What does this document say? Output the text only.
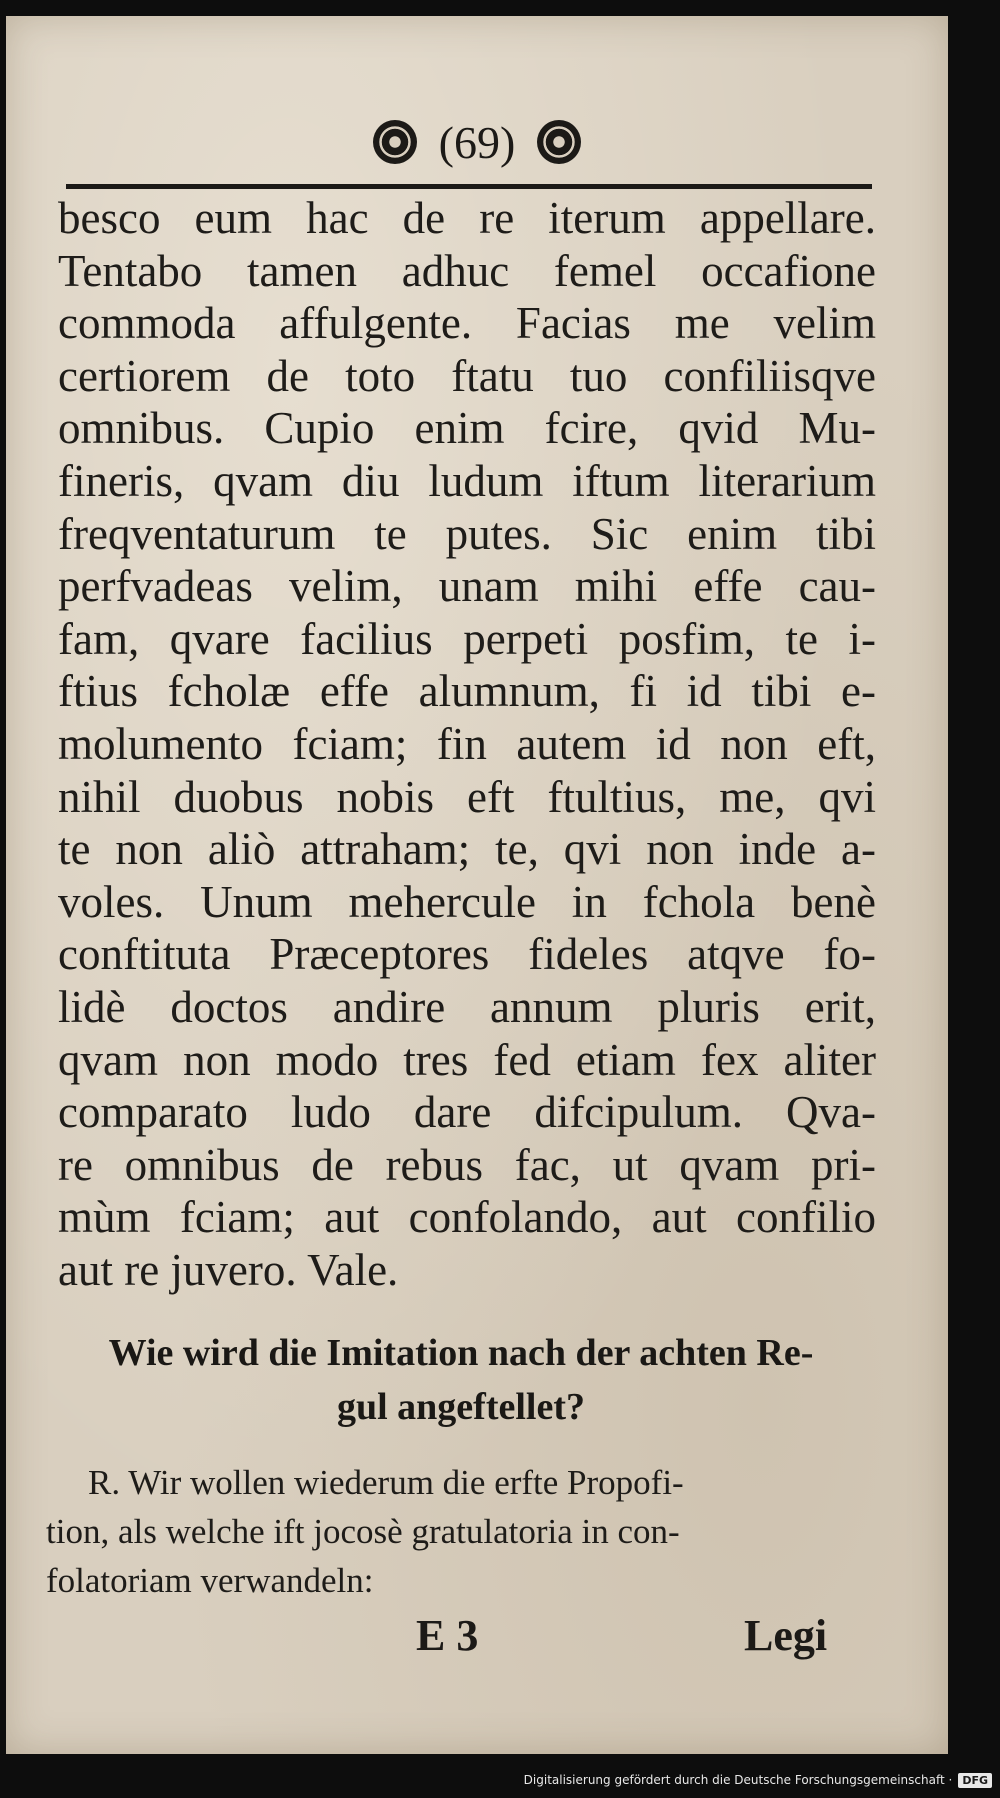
(69)
besco eum hac de re iterum appellare.
Tentabo tamen adhuc femel occafione
commoda affulgente. Facias me velim
certiorem de toto ftatu tuo confiliisqve
omnibus. Cupio enim fcire, qvid Mu-
fineris, qvam diu ludum iftum literarium
freqventaturum te putes. Sic enim tibi
perfvadeas velim, unam mihi effe cau-
fam, qvare facilius perpeti posfim, te i-
ftius fcholæ effe alumnum, fi id tibi e-
molumento fciam; fin autem id non eft,
nihil duobus nobis eft ftultius, me, qvi
te non aliò attraham; te, qvi non inde a-
voles. Unum mehercule in fchola benè
conftituta Præceptores fideles atqve fo-
lidè doctos andire annum pluris erit,
qvam non modo tres fed etiam fex aliter
comparato ludo dare difcipulum. Qva-
re omnibus de rebus fac, ut qvam pri-
mùm fciam; aut confolando, aut confilio
aut re juvero. Vale.
Wie wird die Imitation nach der achten Re-
gul angeftellet?
R. Wir wollen wiederum die erfte Propofi-
tion, als welche ift jocosè gratulatoria in con-
folatoriam verwandeln:
E 3	Legi
Digitalisierung gefördert durch die Deutsche Forschungsgemeinschaft · DFG
